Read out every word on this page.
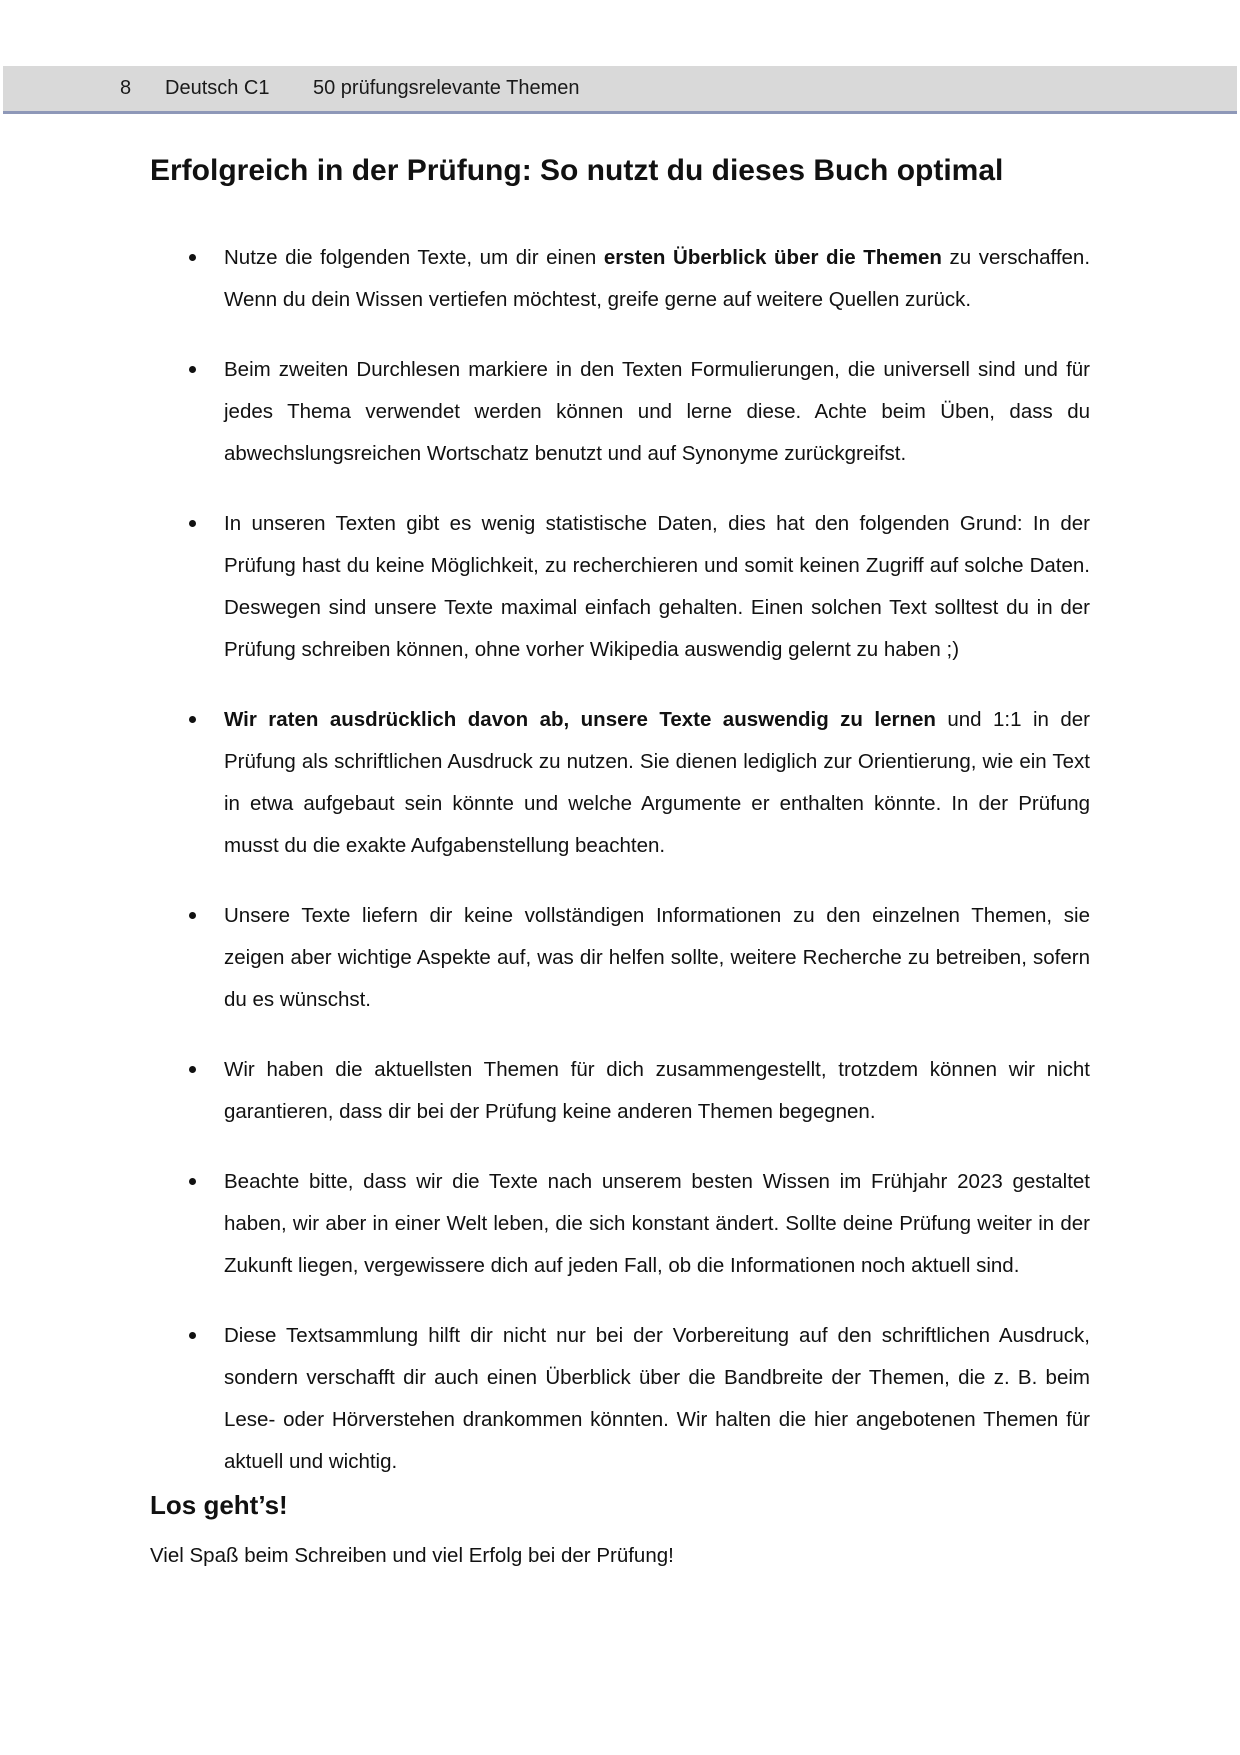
8 Deutsch C1 50 prüfungsrelevante Themen
Erfolgreich in der Prüfung: So nutzt du dieses Buch optimal
Nutze die folgenden Texte, um dir einen ersten Überblick über die Themen zu verschaffen. Wenn du dein Wissen vertiefen möchtest, greife gerne auf weitere Quellen zurück.
Beim zweiten Durchlesen markiere in den Texten Formulierungen, die universell sind und für jedes Thema verwendet werden können und lerne diese. Achte beim Üben, dass du abwechslungsreichen Wortschatz benutzt und auf Synonyme zurückgreifst.
In unseren Texten gibt es wenig statistische Daten, dies hat den folgenden Grund: In der Prüfung hast du keine Möglichkeit, zu recherchieren und somit keinen Zugriff auf solche Daten. Deswegen sind unsere Texte maximal einfach gehalten. Einen solchen Text solltest du in der Prüfung schreiben können, ohne vorher Wikipedia auswendig gelernt zu haben ;)
Wir raten ausdrücklich davon ab, unsere Texte auswendig zu lernen und 1:1 in der Prüfung als schriftlichen Ausdruck zu nutzen. Sie dienen lediglich zur Orientierung, wie ein Text in etwa aufgebaut sein könnte und welche Argumente er enthalten könnte. In der Prüfung musst du die exakte Aufgabenstellung beachten.
Unsere Texte liefern dir keine vollständigen Informationen zu den einzelnen Themen, sie zeigen aber wichtige Aspekte auf, was dir helfen sollte, weitere Recherche zu betreiben, sofern du es wünschst.
Wir haben die aktuellsten Themen für dich zusammengestellt, trotzdem können wir nicht garantieren, dass dir bei der Prüfung keine anderen Themen begegnen.
Beachte bitte, dass wir die Texte nach unserem besten Wissen im Frühjahr 2023 gestaltet haben, wir aber in einer Welt leben, die sich konstant ändert. Sollte deine Prüfung weiter in der Zukunft liegen, vergewissere dich auf jeden Fall, ob die Informationen noch aktuell sind.
Diese Textsammlung hilft dir nicht nur bei der Vorbereitung auf den schriftlichen Ausdruck, sondern verschafft dir auch einen Überblick über die Bandbreite der Themen, die z. B. beim Lese- oder Hörverstehen drankommen könnten. Wir halten die hier angebotenen Themen für aktuell und wichtig.
Los geht’s!

Viel Spaß beim Schreiben und viel Erfolg bei der Prüfung!
